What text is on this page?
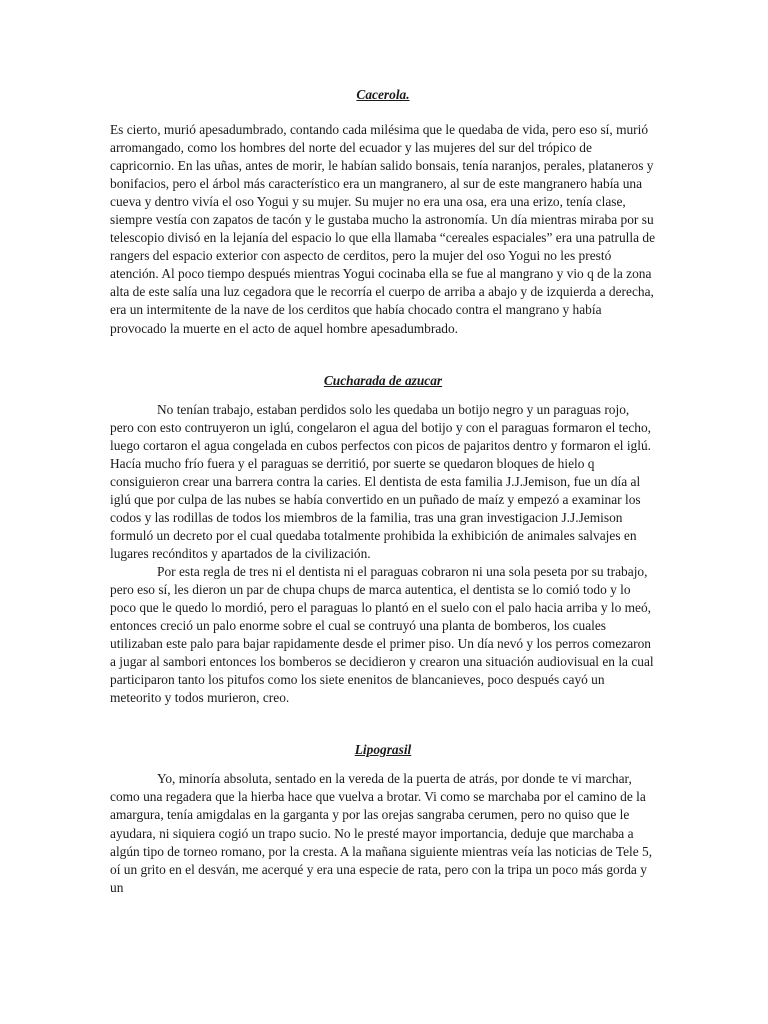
Cacerola.

Es cierto, murió apesadumbrado, contando cada milésima que le quedaba de vida, pero eso sí, murió arromangado, como los hombres del norte del ecuador y las mujeres del sur del trópico de capricornio. En las uñas, antes de morir, le habían salido bonsais, tenía naranjos, perales, plataneros y bonifacios, pero el árbol más característico era un mangranero, al sur de este mangranero había una cueva y dentro vivía el oso Yogui y su mujer. Su mujer no era una osa, era una erizo, tenía clase, siempre vestía con zapatos de tacón y le gustaba mucho la astronomía. Un día mientras miraba por su telescopio divisó en la lejanía del espacio lo que ella llamaba “cereales espaciales” era una patrulla de rangers del espacio exterior con aspecto de cerditos, pero la mujer del oso Yogui no les prestó atención. Al poco tiempo después mientras Yogui cocinaba ella se fue al mangrano y vio q de la zona alta de este salía una luz cegadora que le recorría el cuerpo de arriba a abajo y de izquierda a derecha, era un intermitente de la nave de los cerditos que había chocado contra el mangrano y había provocado la muerte en el acto de aquel hombre apesadumbrado.

Cucharada de azucar

No tenían trabajo, estaban perdidos solo les quedaba un botijo negro y un paraguas rojo, pero con esto contruyeron un iglú, congelaron el agua del botijo y con el paraguas formaron el techo, luego cortaron el agua congelada en cubos perfectos con picos de pajaritos dentro y formaron el iglú. Hacía mucho frío fuera y el paraguas se derritió, por suerte se quedaron bloques de hielo q consiguieron crear una barrera contra la caries. El dentista de esta familia J.J.Jemison, fue un día al iglú que por culpa de las nubes se había convertido en un puñado de maíz y empezó a examinar los codos y las rodillas de todos los miembros de la familia, tras una gran investigacion J.J.Jemison formuló un decreto por el cual quedaba totalmente prohibida la exhibición de animales salvajes en lugares recónditos y apartados de la civilización.

Por esta regla de tres ni el dentista ni el paraguas cobraron ni una sola peseta por su trabajo, pero eso sí, les dieron un par de chupa chups de marca autentica, el dentista se lo comió todo y lo poco que le quedo lo mordió, pero el paraguas lo plantó en el suelo con el palo hacia arriba y lo meó, entonces creció un palo enorme sobre el cual se contruyó una planta de bomberos, los cuales utilizaban este palo para bajar rapidamente desde el primer piso. Un día nevó y los perros comezaron a jugar al sambori entonces los bomberos se decidieron y crearon una situación audiovisual en la cual participaron tanto los pitufos como los siete enenitos de blancanieves, poco después cayó un meteorito y todos murieron, creo.

Lipograsil

Yo, minoría absoluta, sentado en la vereda de la puerta de atrás, por donde te vi marchar, como una regadera que la hierba hace que vuelva a brotar. Vi como se marchaba por el camino de la amargura, tenía amigdalas en la garganta y por las orejas sangraba cerumen, pero no quiso que le ayudara, ni siquiera cogió un trapo sucio. No le presté mayor importancia, deduje que marchaba a algún tipo de torneo romano, por la cresta. A la mañana siguiente mientras veía las noticias de Tele 5, oí un grito en el desván, me acerqué y era una especie de rata, pero con la tripa un poco más gorda y un
